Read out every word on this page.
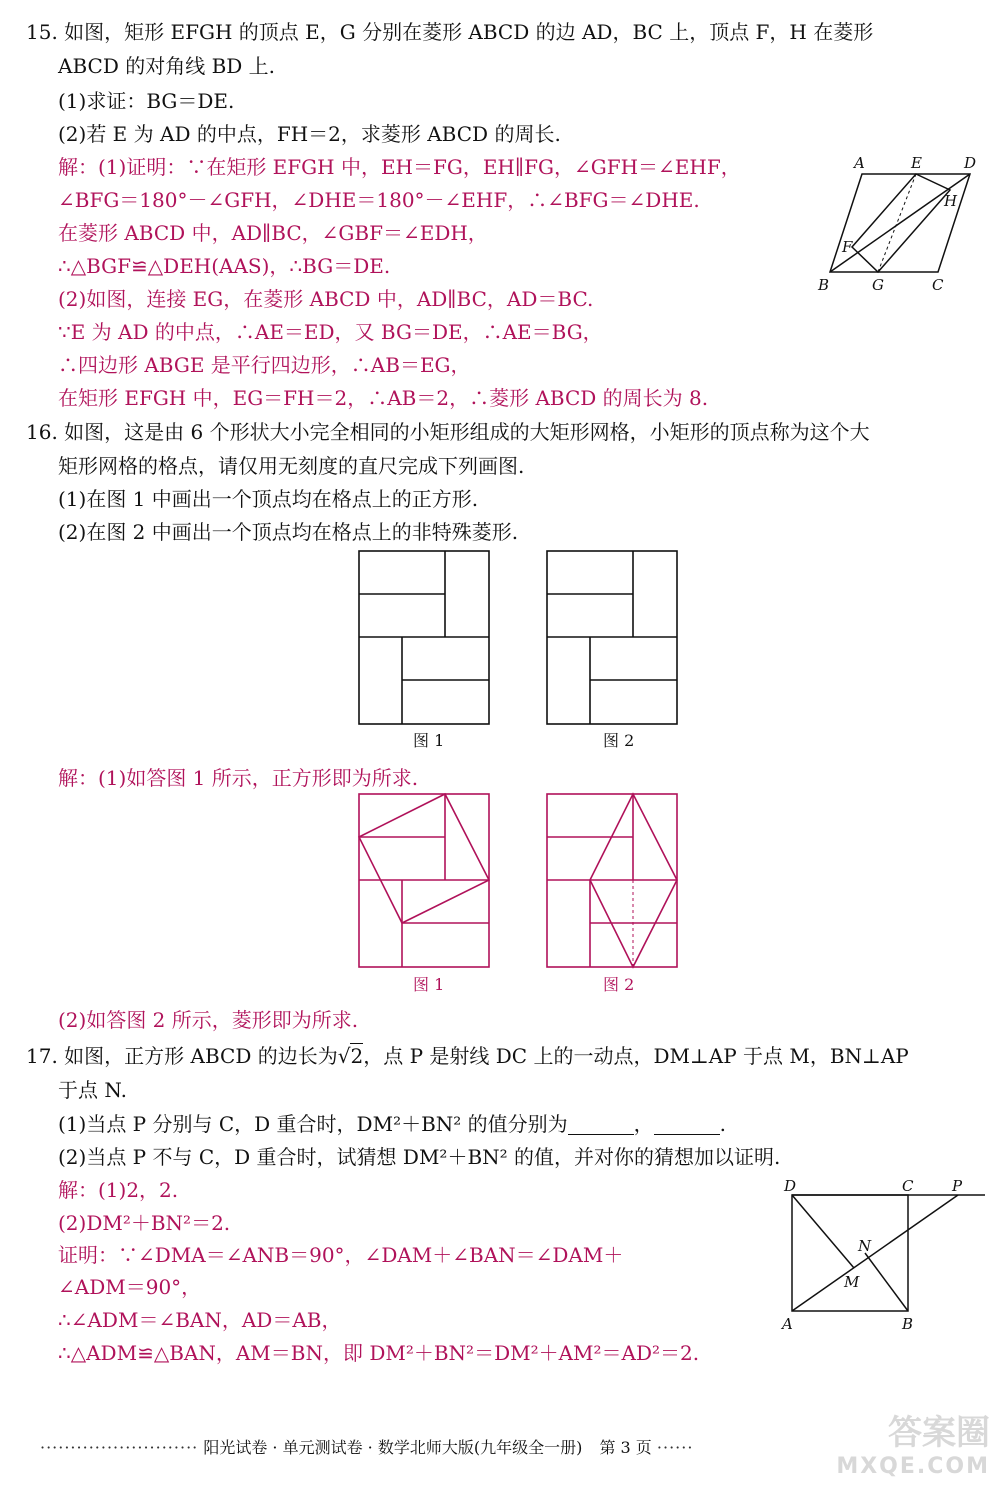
15. 如图，矩形 EFGH 的顶点 E，G 分别在菱形 ABCD 的边 AD，BC 上，顶点 F，H 在菱形
ABCD 的对角线 BD 上.
(1)求证：BG＝DE.
(2)若 E 为 AD 的中点，FH＝2，求菱形 ABCD 的周长.
解：(1)证明：∵在矩形 EFGH 中，EH＝FG，EH∥FG，∠GFH＝∠EHF，
∠BFG＝180°－∠GFH，∠DHE＝180°－∠EHF，∴∠BFG＝∠DHE.
在菱形 ABCD 中，AD∥BC，∠GBF＝∠EDH，
∴△BGF≌△DEH(AAS)，∴BG＝DE.
(2)如图，连接 EG，在菱形 ABCD 中，AD∥BC，AD＝BC.
∵E 为 AD 的中点，∴AE＝ED，又 BG＝DE，∴AE＝BG，
∴四边形 ABGE 是平行四边形，∴AB＝EG，
在矩形 EFGH 中，EG＝FH＝2，∴AB＝2，∴菱形 ABCD 的周长为 8.
A	E	D
H
F
B	G	C
16. 如图，这是由 6 个形状大小完全相同的小矩形组成的大矩形网格，小矩形的顶点称为这个大
矩形网格的格点，请仅用无刻度的直尺完成下列画图.
(1)在图 1 中画出一个顶点均在格点上的正方形.
(2)在图 2 中画出一个顶点均在格点上的非特殊菱形.
图 1	图 2
解：(1)如答图 1 所示，正方形即为所求.
图 1	图 2
(2)如答图 2 所示，菱形即为所求.
17. 如图，正方形 ABCD 的边长为√2，点 P 是射线 DC 上的一动点，DM⊥AP 于点 M，BN⊥AP
于点 N.
(1)当点 P 分别与 C，D 重合时，DM²＋BN² 的值分别为	，	.
(2)当点 P 不与 C，D 重合时，试猜想 DM²＋BN² 的值，并对你的猜想加以证明.
解：(1)2，2.
(2)DM²＋BN²＝2.
证明：∵∠DMA＝∠ANB＝90°，∠DAM＋∠BAN＝∠DAM＋
∠ADM＝90°，
∴∠ADM＝∠BAN，AD＝AB，
∴△ADM≌△BAN，AM＝BN，即 DM²＋BN²＝DM²＋AM²＝AD²＝2.
D	C	P
N
M
A	B
·························· 阳光试卷 · 单元测试卷 · 数学北师大版(九年级全一册) 第 3 页 ······	答案圈
MXQE.COM
